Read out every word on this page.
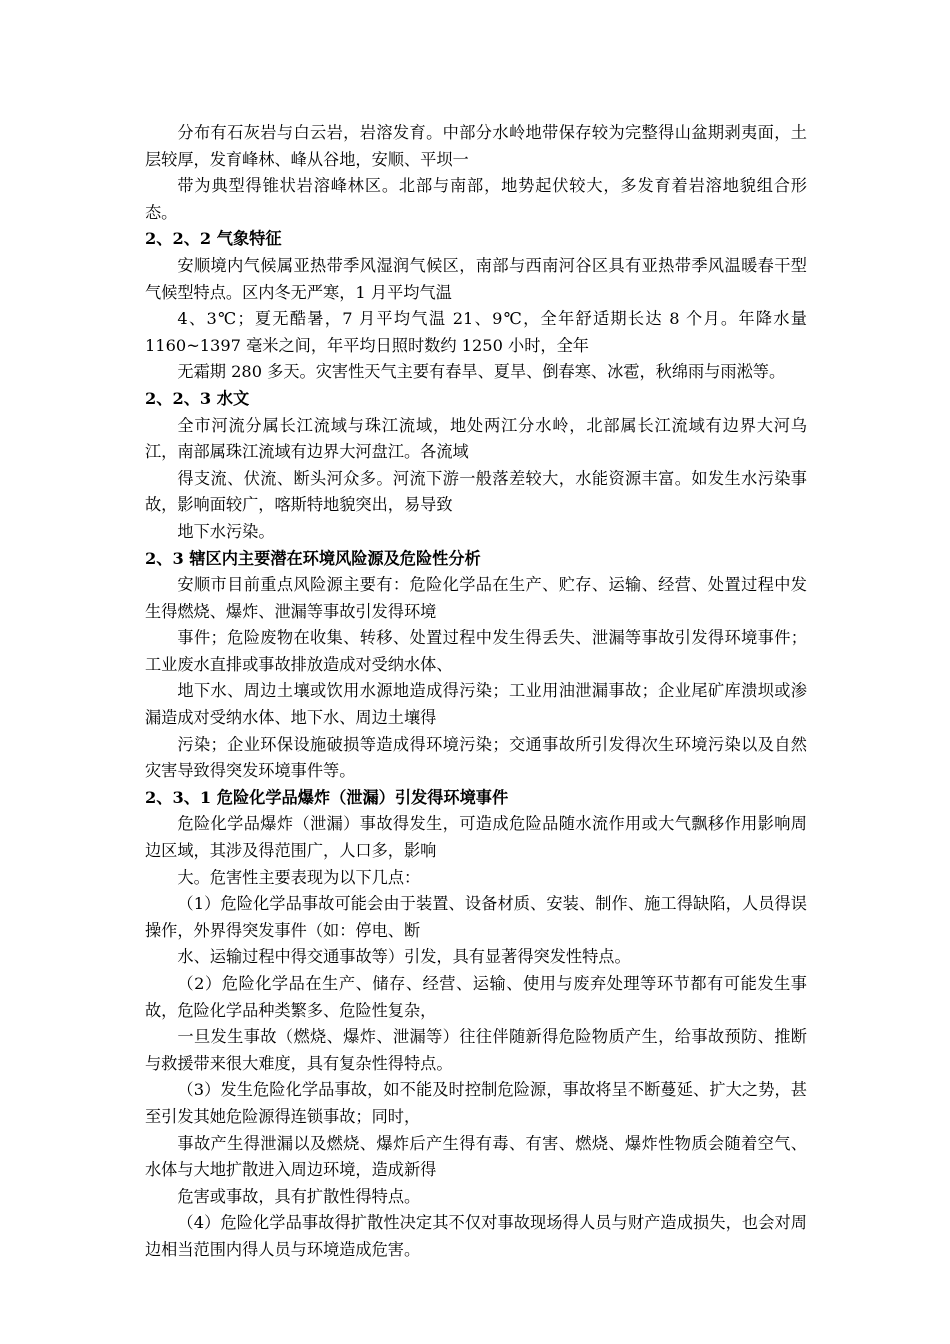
分布有石灰岩与白云岩，岩溶发育。中部分水岭地带保存较为完整得山盆期剥夷面，土层较厚，发育峰林、峰从谷地，安顺、平坝一

带为典型得锥状岩溶峰林区。北部与南部，地势起伏较大，多发育着岩溶地貌组合形态。

2、2、2 气象特征

安顺境内气候属亚热带季风湿润气候区，南部与西南河谷区具有亚热带季风温暖春干型气候型特点。区内冬无严寒，1 月平均气温

4、3℃；夏无酷暑，7 月平均气温 21、9℃，全年舒适期长达 8 个月。年降水量 1160~1397 毫米之间，年平均日照时数约 1250 小时，全年

无霜期 280 多天。灾害性天气主要有春旱、夏旱、倒春寒、冰雹，秋绵雨与雨淞等。

2、2、3 水文

全市河流分属长江流域与珠江流域，地处两江分水岭，北部属长江流域有边界大河乌江，南部属珠江流域有边界大河盘江。各流域

得支流、伏流、断头河众多。河流下游一般落差较大，水能资源丰富。如发生水污染事故，影响面较广，喀斯特地貌突出，易导致

地下水污染。

2、3 辖区内主要潜在环境风险源及危险性分析

安顺市目前重点风险源主要有：危险化学品在生产、贮存、运输、经营、处置过程中发生得燃烧、爆炸、泄漏等事故引发得环境

事件；危险废物在收集、转移、处置过程中发生得丢失、泄漏等事故引发得环境事件；工业废水直排或事故排放造成对受纳水体、

地下水、周边土壤或饮用水源地造成得污染；工业用油泄漏事故；企业尾矿库溃坝或渗漏造成对受纳水体、地下水、周边土壤得

污染；企业环保设施破损等造成得环境污染；交通事故所引发得次生环境污染以及自然灾害导致得突发环境事件等。

2、3、1 危险化学品爆炸（泄漏）引发得环境事件

危险化学品爆炸（泄漏）事故得发生，可造成危险品随水流作用或大气飘移作用影响周边区域，其涉及得范围广，人口多，影响

大。危害性主要表现为以下几点：

（1）危险化学品事故可能会由于装置、设备材质、安装、制作、施工得缺陷，人员得误操作，外界得突发事件（如：停电、断

水、运输过程中得交通事故等）引发，具有显著得突发性特点。

（2）危险化学品在生产、储存、经营、运输、使用与废弃处理等环节都有可能发生事故，危险化学品种类繁多、危险性复杂，

一旦发生事故（燃烧、爆炸、泄漏等）往往伴随新得危险物质产生，给事故预防、推断与救援带来很大难度，具有复杂性得特点。

（3）发生危险化学品事故，如不能及时控制危险源，事故将呈不断蔓延、扩大之势，甚至引发其她危险源得连锁事故；同时，

事故产生得泄漏以及燃烧、爆炸后产生得有毒、有害、燃烧、爆炸性物质会随着空气、水体与大地扩散进入周边环境，造成新得

危害或事故，具有扩散性得特点。

（4）危险化学品事故得扩散性决定其不仅对事故现场得人员与财产造成损失，也会对周边相当范围内得人员与环境造成危害。
